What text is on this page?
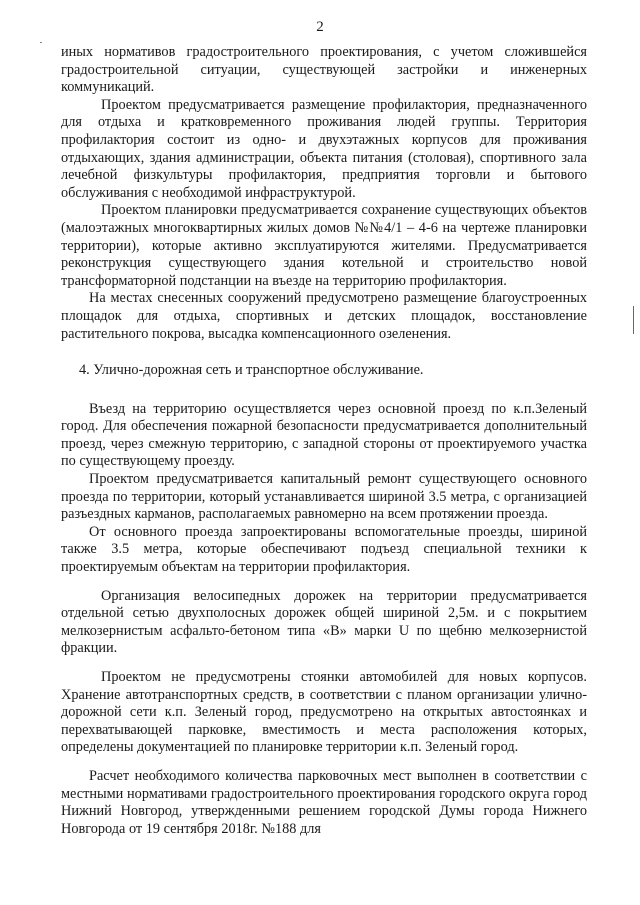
2

иных нормативов градостроительного проектирования, с учетом сложившейся градостроительной ситуации, существующей застройки и инженерных коммуникаций.

Проектом предусматривается размещение профилактория, предназначенного для отдыха и кратковременного проживания людей группы. Территория профилактория состоит из одно- и двухэтажных корпусов для проживания отдыхающих, здания администрации, объекта питания (столовая), спортивного зала лечебной физкультуры профилактория, предприятия торговли и бытового обслуживания с необходимой инфраструктурой.

Проектом планировки предусматривается сохранение существующих объектов (малоэтажных многоквартирных жилых домов №№4/1 – 4-6 на чертеже планировки территории), которые активно эксплуатируются жителями. Предусматривается реконструкция существующего здания котельной и строительство новой трансформаторной подстанции на въезде на территорию профилактория.

На местах снесенных сооружений предусмотрено размещение благоустроенных площадок для отдыха, спортивных и детских площадок, восстановление растительного покрова, высадка компенсационного озеленения.

4. Улично-дорожная сеть и транспортное обслуживание.

Въезд на территорию осуществляется через основной проезд по к.п.Зеленый город. Для обеспечения пожарной безопасности предусматривается дополнительный проезд, через смежную территорию, с западной стороны от проектируемого участка по существующему проезду.

Проектом предусматривается капитальный ремонт существующего основного проезда по территории, который устанавливается шириной 3.5 метра, с организацией разъездных карманов, располагаемых равномерно на всем протяжении проезда.

От основного проезда запроектированы вспомогательные проезды, шириной также 3.5 метра, которые обеспечивают подъезд специальной техники к проектируемым объектам на территории профилактория.

Организация велосипедных дорожек на территории предусматривается отдельной сетью двухполосных дорожек общей шириной 2,5м. и с покрытием мелкозернистым асфальто-бетоном типа «В» марки U по щебню мелкозернистой фракции.

Проектом не предусмотрены стоянки автомобилей для новых корпусов. Хранение автотранспортных средств, в соответствии с планом организации улично-дорожной сети к.п. Зеленый город, предусмотрено на открытых автостоянках и перехватывающей парковке, вместимость и места расположения которых, определены документацией по планировке территории к.п. Зеленый город.

Расчет необходимого количества парковочных мест выполнен в соответствии с местными нормативами градостроительного проектирования городского округа город Нижний Новгород, утвержденными решением городской Думы города Нижнего Новгорода от 19 сентября 2018г. №188 для
